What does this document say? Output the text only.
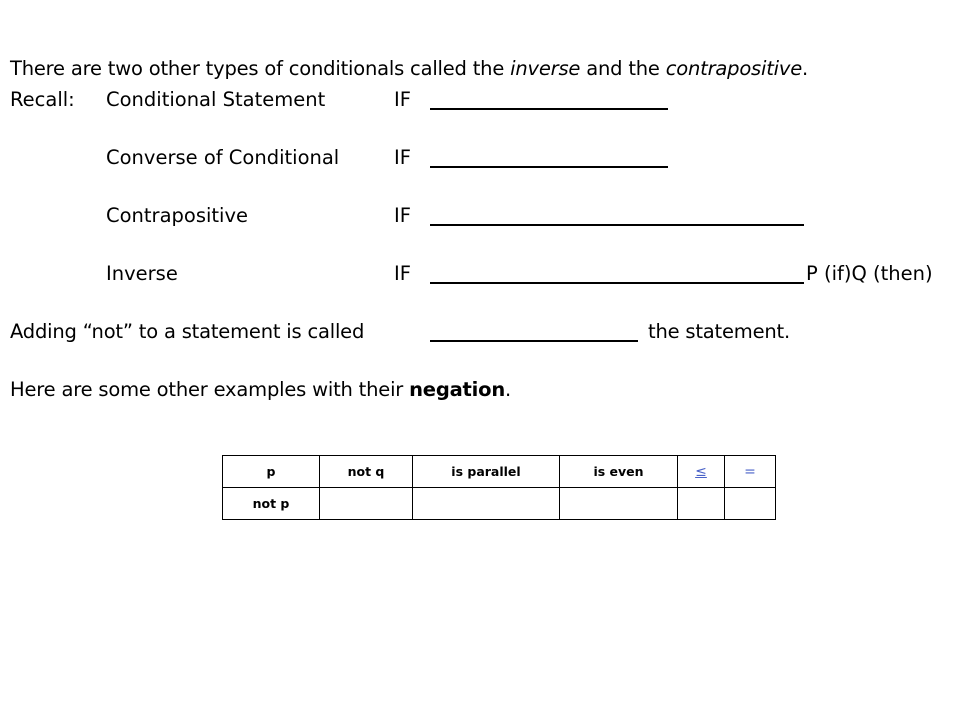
There are two other types of conditionals called the inverse and the contrapositive.
Recall: Conditional Statement	IF
Converse of Conditional	IF
Contrapositive	IF
Inverse	IF	P (if)Q (then)
Adding “not” to a statement is called	the statement.
Here are some other examples with their negation.
p	not q	is parallel	is even	≤	=
not p					
